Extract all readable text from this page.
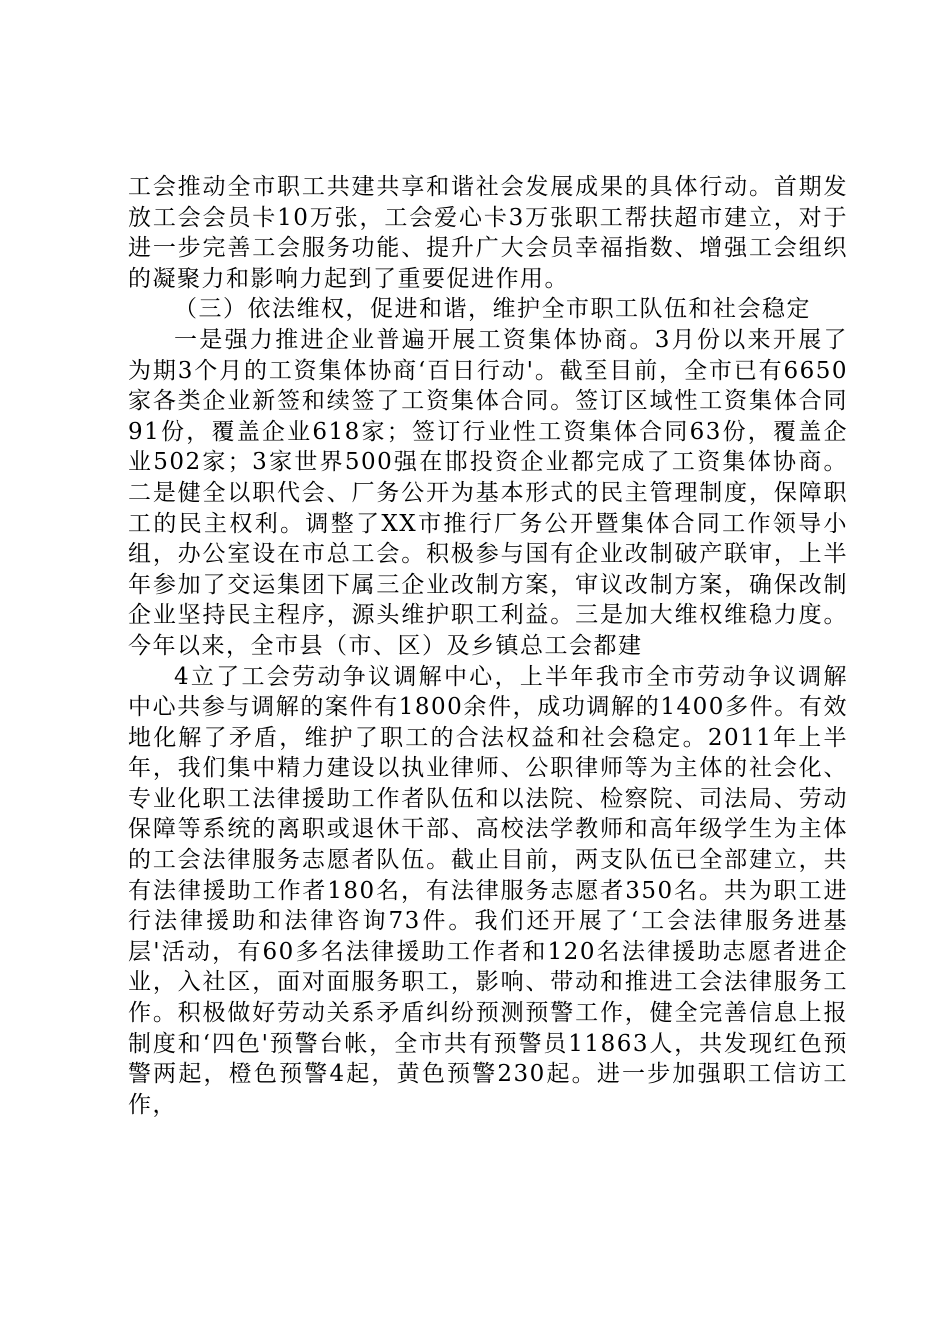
工会推动全市职工共建共享和谐社会发展成果的具体行动。首期发放工会会员卡10万张，工会爱心卡3万张职工帮扶超市建立，对于进一步完善工会服务功能、提升广大会员幸福指数、增强工会组织的凝聚力和影响力起到了重要促进作用。

（三）依法维权，促进和谐，维护全市职工队伍和社会稳定

一是强力推进企业普遍开展工资集体协商。3月份以来开展了为期3个月的工资集体协商‘百日行动'。截至目前，全市已有6650家各类企业新签和续签了工资集体合同。签订区域性工资集体合同91份，覆盖企业618家；签订行业性工资集体合同63份，覆盖企业502家；3家世界500强在邯投资企业都完成了工资集体协商。二是健全以职代会、厂务公开为基本形式的民主管理制度，保障职工的民主权利。调整了XX市推行厂务公开暨集体合同工作领导小组，办公室设在市总工会。积极参与国有企业改制破产联审，上半年参加了交运集团下属三企业改制方案，审议改制方案，确保改制企业坚持民主程序，源头维护职工利益。三是加大维权维稳力度。今年以来，全市县（市、区）及乡镇总工会都建

4立了工会劳动争议调解中心，上半年我市全市劳动争议调解中心共参与调解的案件有1800余件，成功调解的1400多件。有效地化解了矛盾，维护了职工的合法权益和社会稳定。2011年上半年，我们集中精力建设以执业律师、公职律师等为主体的社会化、专业化职工法律援助工作者队伍和以法院、检察院、司法局、劳动保障等系统的离职或退休干部、高校法学教师和高年级学生为主体的工会法律服务志愿者队伍。截止目前，两支队伍已全部建立，共有法律援助工作者180名，有法律服务志愿者350名。共为职工进行法律援助和法律咨询73件。我们还开展了‘工会法律服务进基层'活动，有60多名法律援助工作者和120名法律援助志愿者进企业，入社区，面对面服务职工，影响、带动和推进工会法律服务工作。积极做好劳动关系矛盾纠纷预测预警工作，健全完善信息上报制度和‘四色'预警台帐，全市共有预警员11863人，共发现红色预警两起，橙色预警4起，黄色预警230起。进一步加强职工信访工作，
